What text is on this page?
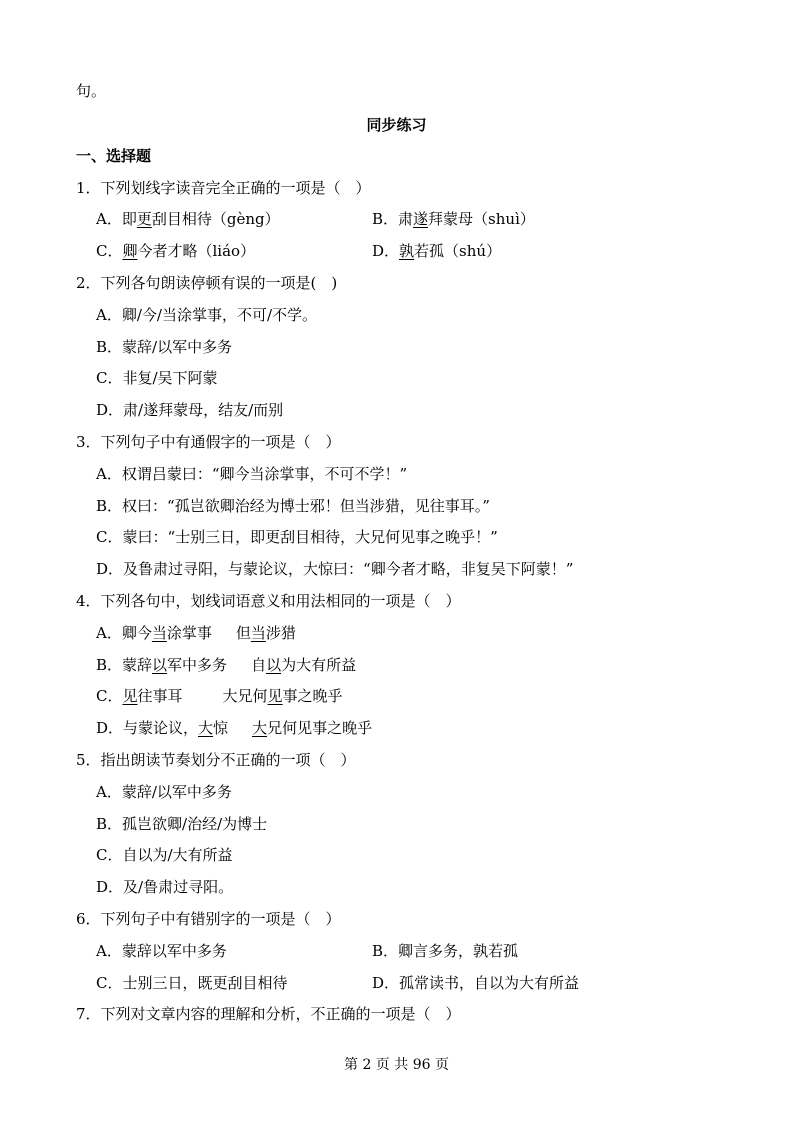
句。
同步练习
一、选择题
1．下列划线字读音完全正确的一项是（　）
A．即更刮目相待（gèng）	B．肃遂拜蒙母（shuì）
C．卿今者才略（liáo）	D．孰若孤（shú）
2．下列各句朗读停顿有误的一项是(　)
A．卿/今/当涂掌事，不可/不学。
B．蒙辞/以军中多务
C．非复/吴下阿蒙
D．肃/遂拜蒙母，结友/而别
3．下列句子中有通假字的一项是（　）
A．权谓吕蒙曰：“卿今当涂掌事，不可不学！”
B．权曰：“孤岂欲卿治经为博士邪！但当涉猎，见往事耳。”
C．蒙曰：“士别三日，即更刮目相待，大兄何见事之晚乎！”
D．及鲁肃过寻阳，与蒙论议，大惊曰：“卿今者才略，非复吴下阿蒙！”
4．下列各句中，划线词语意义和用法相同的一项是（　）
A．卿今当涂掌事 但当涉猎
B．蒙辞以军中多务 自以为大有所益
C．见往事耳	大兄何见事之晚乎
D．与蒙论议，大惊 大兄何见事之晚乎
5．指出朗读节奏划分不正确的一项（　）
A．蒙辞/以军中多务
B．孤岂欲卿/治经/为博士
C．自以为/大有所益
D．及/鲁肃过寻阳。
6．下列句子中有错别字的一项是（　）
A．蒙辞以军中多务	B．卿言多务，孰若孤
C．士别三日，既更刮目相待	D．孤常读书，自以为大有所益
7．下列对文章内容的理解和分析，不正确的一项是（　）
第 2 页 共 96 页
